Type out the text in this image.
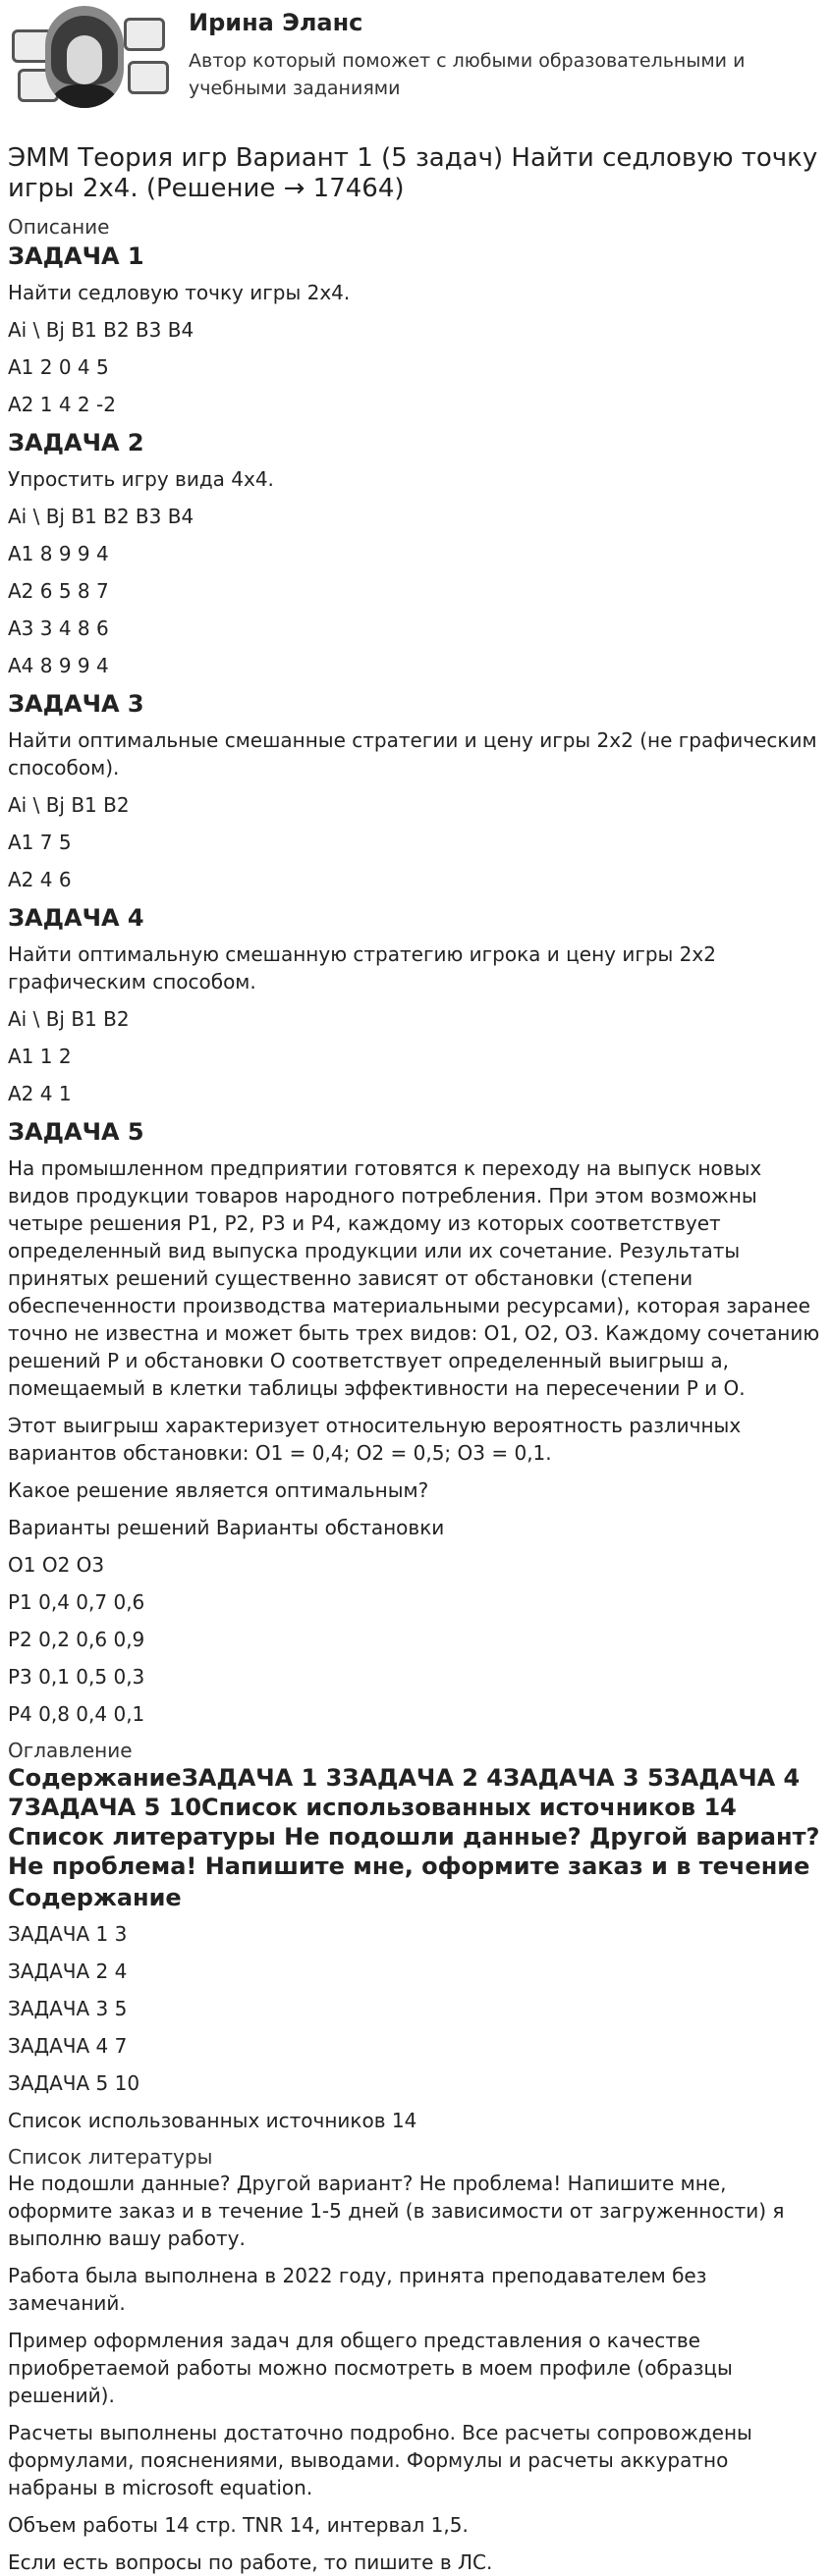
Ирина Эланс
Автор который поможет с любыми образовательными и учебными заданиями
ЭММ Теория игр Вариант 1 (5 задач) Найти седловую точку игры 2х4. (Решение → 17464)
Описание
ЗАДАЧА 1

Найти седловую точку игры 2х4.

Ai \ Bj B1 B2 B3 B4

A1 2 0 4 5

A2 1 4 2 -2

ЗАДАЧА 2

Упростить игру вида 4х4.

Ai \ Bj B1 B2 B3 B4

A1 8 9 9 4

A2 6 5 8 7

A3 3 4 8 6

A4 8 9 9 4

ЗАДАЧА 3

Найти оптимальные смешанные стратегии и цену игры 2х2 (не графическим способом).

Ai \ Bj B1 B2

A1 7 5

A2 4 6

ЗАДАЧА 4

Найти оптимальную смешанную стратегию игрока и цену игры 2х2 графическим способом.

Ai \ Bj B1 B2

A1 1 2

A2 4 1

ЗАДАЧА 5

На промышленном предприятии готовятся к переходу на выпуск новых видов продукции товаров народного потребления. При этом возможны четыре решения Р1, Р2, Р3 и Р4, каждому из которых соответствует определенный вид выпуска продукции или их сочетание. Результаты принятых решений существенно зависят от обстановки (степени обеспеченности производства материальными ресурсами), которая заранее точно не известна и может быть трех видов: О1, О2, О3. Каждому сочетанию решений Р и обстановки О соответствует определенный выигрыш а, помещаемый в клетки таблицы эффективности на пересечении Р и О.

Этот выигрыш характеризует относительную вероятность различных вариантов обстановки: О1 = 0,4; О2 = 0,5; О3 = 0,1.

Какое решение является оптимальным?

Варианты решений Варианты обстановки

О1 О2 О3

Р1 0,4 0,7 0,6

Р2 0,2 0,6 0,9

Р3 0,1 0,5 0,3

Р4 0,8 0,4 0,1

Оглавление
СодержаниеЗАДАЧА 1 3ЗАДАЧА 2 4ЗАДАЧА 3 5ЗАДАЧА 4 7ЗАДАЧА 5 10Список использованных источников 14 Список литературы Не подошли данные? Другой вариант? Не проблема! Напишите мне, оформите заказ и в течение
Содержание

ЗАДАЧА 1 3

ЗАДАЧА 2 4

ЗАДАЧА 3 5

ЗАДАЧА 4 7

ЗАДАЧА 5 10

Список использованных источников 14

Список литературы

Не подошли данные? Другой вариант? Не проблема! Напишите мне, оформите заказ и в течение 1-5 дней (в зависимости от загруженности) я выполню вашу работу.

Работа была выполнена в 2022 году, принята преподавателем без замечаний.

Пример оформления задач для общего представления о качестве приобретаемой работы можно посмотреть в моем профиле (образцы решений).

Расчеты выполнены достаточно подробно. Все расчеты сопровождены формулами, пояснениями, выводами. Формулы и расчеты аккуратно набраны в microsoft equation.

Объем работы 14 стр. TNR 14, интервал 1,5.

Если есть вопросы по работе, то пишите в ЛС.
